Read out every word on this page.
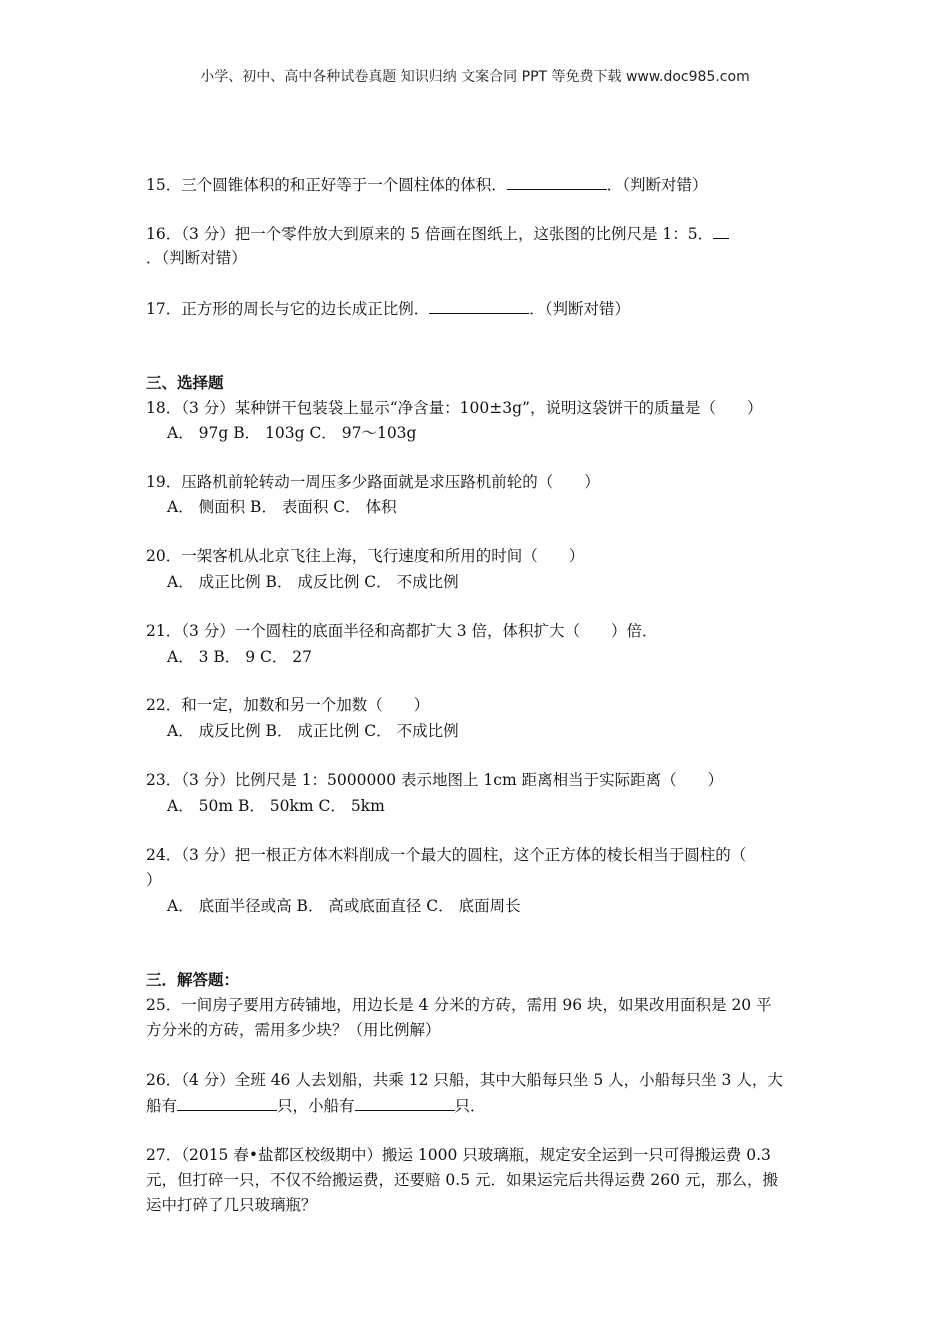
小学、初中、高中各种试卷真题 知识归纳 文案合同 PPT 等免费下载 www.doc985.com
15．三个圆锥体积的和正好等于一个圆柱体的体积．	．（判断对错）
16．（3 分）把一个零件放大到原来的 5 倍画在图纸上，这张图的比例尺是 1：5．
．（判断对错）
17．正方形的周长与它的边长成正比例．	．（判断对错）
三、选择题
18．（3 分）某种饼干包装袋上显示“净含量：100±3g”，说明这袋饼干的质量是（　　）
A． 97g B． 103g C． 97～103g
19．压路机前轮转动一周压多少路面就是求压路机前轮的（　　）
A． 侧面积 B． 表面积 C． 体积
20．一架客机从北京飞往上海，飞行速度和所用的时间（　　）
A． 成正比例 B． 成反比例 C． 不成比例
21．（3 分）一个圆柱的底面半径和高都扩大 3 倍，体积扩大（　　）倍．
A． 3 B． 9 C． 27
22．和一定，加数和另一个加数（　　）
A． 成反比例 B． 成正比例 C． 不成比例
23．（3 分）比例尺是 1：5000000 表示地图上 1cm 距离相当于实际距离（　　）
A． 50m B． 50km C． 5km
24．（3 分）把一根正方体木料削成一个最大的圆柱，这个正方体的棱长相当于圆柱的（
）
A． 底面半径或高 B． 高或底面直径 C． 底面周长
三．解答题：
25．一间房子要用方砖铺地，用边长是 4 分米的方砖，需用 96 块，如果改用面积是 20 平
方分米的方砖，需用多少块？（用比例解）
26．（4 分）全班 46 人去划船，共乘 12 只船，其中大船每只坐 5 人，小船每只坐 3 人，大
船有	只，小船有	只．
27．（2015 春•盐都区校级期中）搬运 1000 只玻璃瓶，规定安全运到一只可得搬运费 0.3
元，但打碎一只，不仅不给搬运费，还要赔 0.5 元．如果运完后共得运费 260 元，那么，搬
运中打碎了几只玻璃瓶？
